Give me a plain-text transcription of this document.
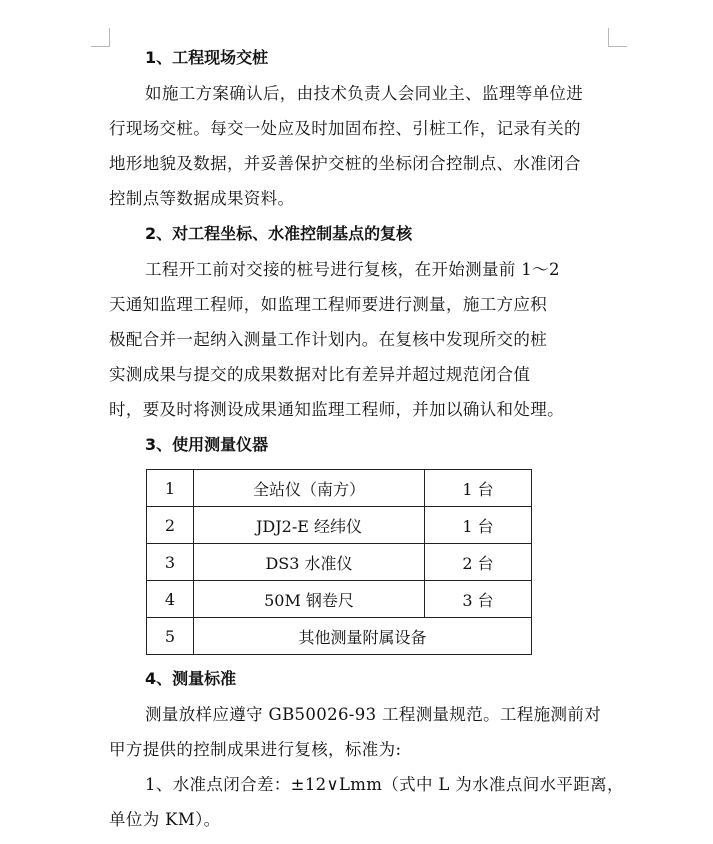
1、工程现场交桩

如施工方案确认后，由技术负责人会同业主、监理等单位进
行现场交桩。每交一处应及时加固布控、引桩工作，记录有关的
地形地貌及数据，并妥善保护交桩的坐标闭合控制点、水准闭合
控制点等数据成果资料。

2、对工程坐标、水准控制基点的复核

工程开工前对交接的桩号进行复核，在开始测量前 1～2
天通知监理工程师，如监理工程师要进行测量，施工方应积
极配合并一起纳入测量工作计划内。在复核中发现所交的桩
实测成果与提交的成果数据对比有差异并超过规范闭合值
时，要及时将测设成果通知监理工程师，并加以确认和处理。

3、使用测量仪器
1	全站仪（南方）	1 台
2	JDJ2-E 经纬仪	1 台
3	DS3 水准仪	2 台
4	50M 钢卷尺	3 台
5	其他测量附属设备	
4、测量标准

测量放样应遵守 GB50026-93 工程测量规范。工程施测前对
甲方提供的控制成果进行复核，标准为:

1、水准点闭合差：±12∨Lmm（式中 L 为水准点间水平距离，
单位为 KM）。
